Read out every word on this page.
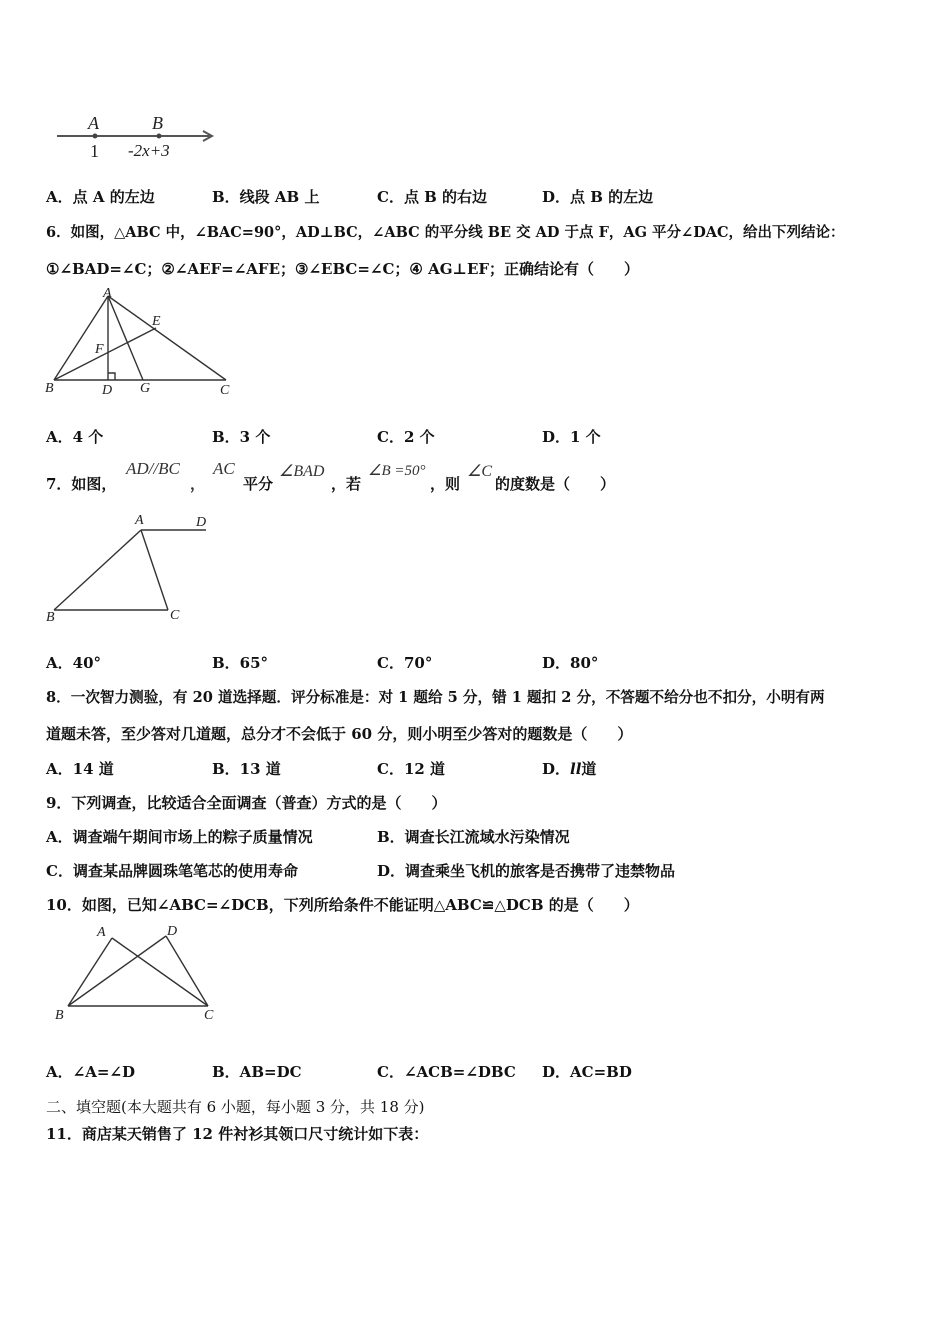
A	B
1 -2x+3
A．点 A 的左边	B．线段 AB 上	C．点 B 的右边	D．点 B 的左边
6．如图，△ABC 中，∠BAC=90°，AD⊥BC，∠ABC 的平分线 BE 交 AD 于点 F，AG 平分∠DAC，给出下列结论：
①∠BAD=∠C；②∠AEF=∠AFE；③∠EBC=∠C；④ AG⊥EF；正确结论有（　　）
A
E
F
B	D G	C
A．4 个	B．3 个	C．2 个	D．1 个
7．如图，
AD//BC
，
AC
平分
∠BAD
，若
∠B =50°
，则
∠C
的度数是（　　）
A	D
B	C
A．40°	B．65°	C．70°	D．80°
8．一次智力测验，有 20 道选择题．评分标准是：对 1 题给 5 分，错 1 题扣 2 分，不答题不给分也不扣分，小明有两
道题未答，至少答对几道题，总分才不会低于 60 分，则小明至少答对的题数是（　　）
A．14 道	B．13 道	C．12 道	D．ll道
9．下列调查，比较适合全面调查（普查）方式的是（　　）
A．调查端午期间市场上的粽子质量情况	B．调查长江流域水污染情况
C．调查某品牌圆珠笔笔芯的使用寿命	D．调查乘坐飞机的旅客是否携带了违禁物品
10．如图，已知∠ABC=∠DCB，下列所给条件不能证明△ABC≌△DCB 的是（　　）
A	D
B	C
A．∠A=∠D	B．AB=DC	C．∠ACB=∠DBC D．AC=BD
二、填空题(本大题共有 6 小题，每小题 3 分，共 18 分)
11．商店某天销售了 12 件衬衫其领口尺寸统计如下表：
